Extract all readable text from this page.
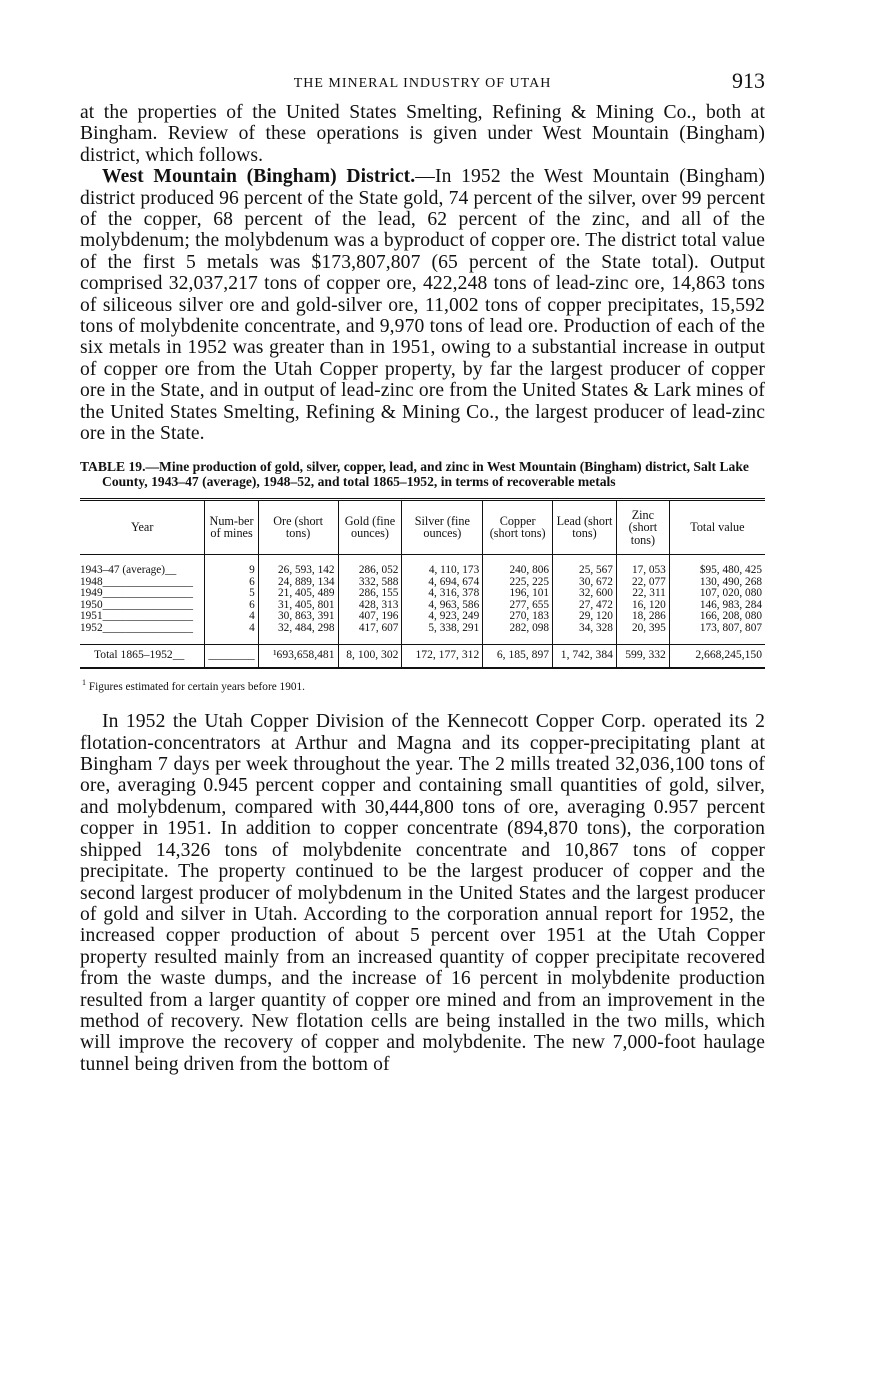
THE MINERAL INDUSTRY OF UTAH	913

at the properties of the United States Smelting, Refining & Mining Co., both at Bingham. Review of these operations is given under West Mountain (Bingham) district, which follows.

West Mountain (Bingham) District.—In 1952 the West Mountain (Bingham) district produced 96 percent of the State gold, 74 percent of the silver, over 99 percent of the copper, 68 percent of the lead, 62 percent of the zinc, and all of the molybdenum; the molybdenum was a byproduct of copper ore. The district total value of the first 5 metals was $173,807,807 (65 percent of the State total). Output comprised 32,037,217 tons of copper ore, 422,248 tons of lead-zinc ore, 14,863 tons of siliceous silver ore and gold-silver ore, 11,002 tons of copper precipitates, 15,592 tons of molybdenite concentrate, and 9,970 tons of lead ore. Production of each of the six metals in 1952 was greater than in 1951, owing to a substantial increase in output of copper ore from the Utah Copper property, by far the largest producer of copper ore in the State, and in output of lead-zinc ore from the United States & Lark mines of the United States Smelting, Refining & Mining Co., the largest producer of lead-zinc ore in the State.

TABLE 19.—Mine production of gold, silver, copper, lead, and zinc in West Mountain (Bingham) district, Salt Lake County, 1943–47 (average), 1948–52, and total 1865–1952, in terms of recoverable metals
Year	Num-ber of mines	Ore (short tons)	Gold (fine ounces)	Silver (fine ounces)	Copper (short tons)	Lead (short tons)	Zinc (short tons)	Total value
1943–47 (average)__	9	26, 593, 142	286, 052	4, 110, 173	240, 806	25, 567	17, 053	$95, 480, 425
1948________________	6	24, 889, 134	332, 588	4, 694, 674	225, 225	30, 672	22, 077	130, 490, 268
1949________________	5	21, 405, 489	286, 155	4, 316, 378	196, 101	32, 600	22, 311	107, 020, 080
1950________________	6	31, 405, 801	428, 313	4, 963, 586	277, 655	27, 472	16, 120	146, 983, 284
1951________________	4	30, 863, 391	407, 196	4, 923, 249	270, 183	29, 120	18, 286	166, 208, 080
1952________________	4	32, 484, 298	417, 607	5, 338, 291	282, 098	34, 328	20, 395	173, 807, 807
Total 1865–1952__	________	¹693,658,481	8, 100, 302	172, 177, 312	6, 185, 897	1, 742, 384	599, 332	2,668,245,150
$^1$ Figures estimated for certain years before 1901.

In 1952 the Utah Copper Division of the Kennecott Copper Corp. operated its 2 flotation-concentrators at Arthur and Magna and its copper-precipitating plant at Bingham 7 days per week throughout the year. The 2 mills treated 32,036,100 tons of ore, averaging 0.945 percent copper and containing small quantities of gold, silver, and molybdenum, compared with 30,444,800 tons of ore, averaging 0.957 percent copper in 1951. In addition to copper concentrate (894,870 tons), the corporation shipped 14,326 tons of molybdenite concentrate and 10,867 tons of copper precipitate. The property continued to be the largest producer of copper and the second largest producer of molybdenum in the United States and the largest producer of gold and silver in Utah. According to the corporation annual report for 1952, the increased copper production of about 5 percent over 1951 at the Utah Copper property resulted mainly from an increased quantity of copper precipitate recovered from the waste dumps, and the increase of 16 percent in molybdenite production resulted from a larger quantity of copper ore mined and from an improvement in the method of recovery. New flotation cells are being installed in the two mills, which will improve the recovery of copper and molybdenite. The new 7,000-foot haulage tunnel being driven from the bottom of
